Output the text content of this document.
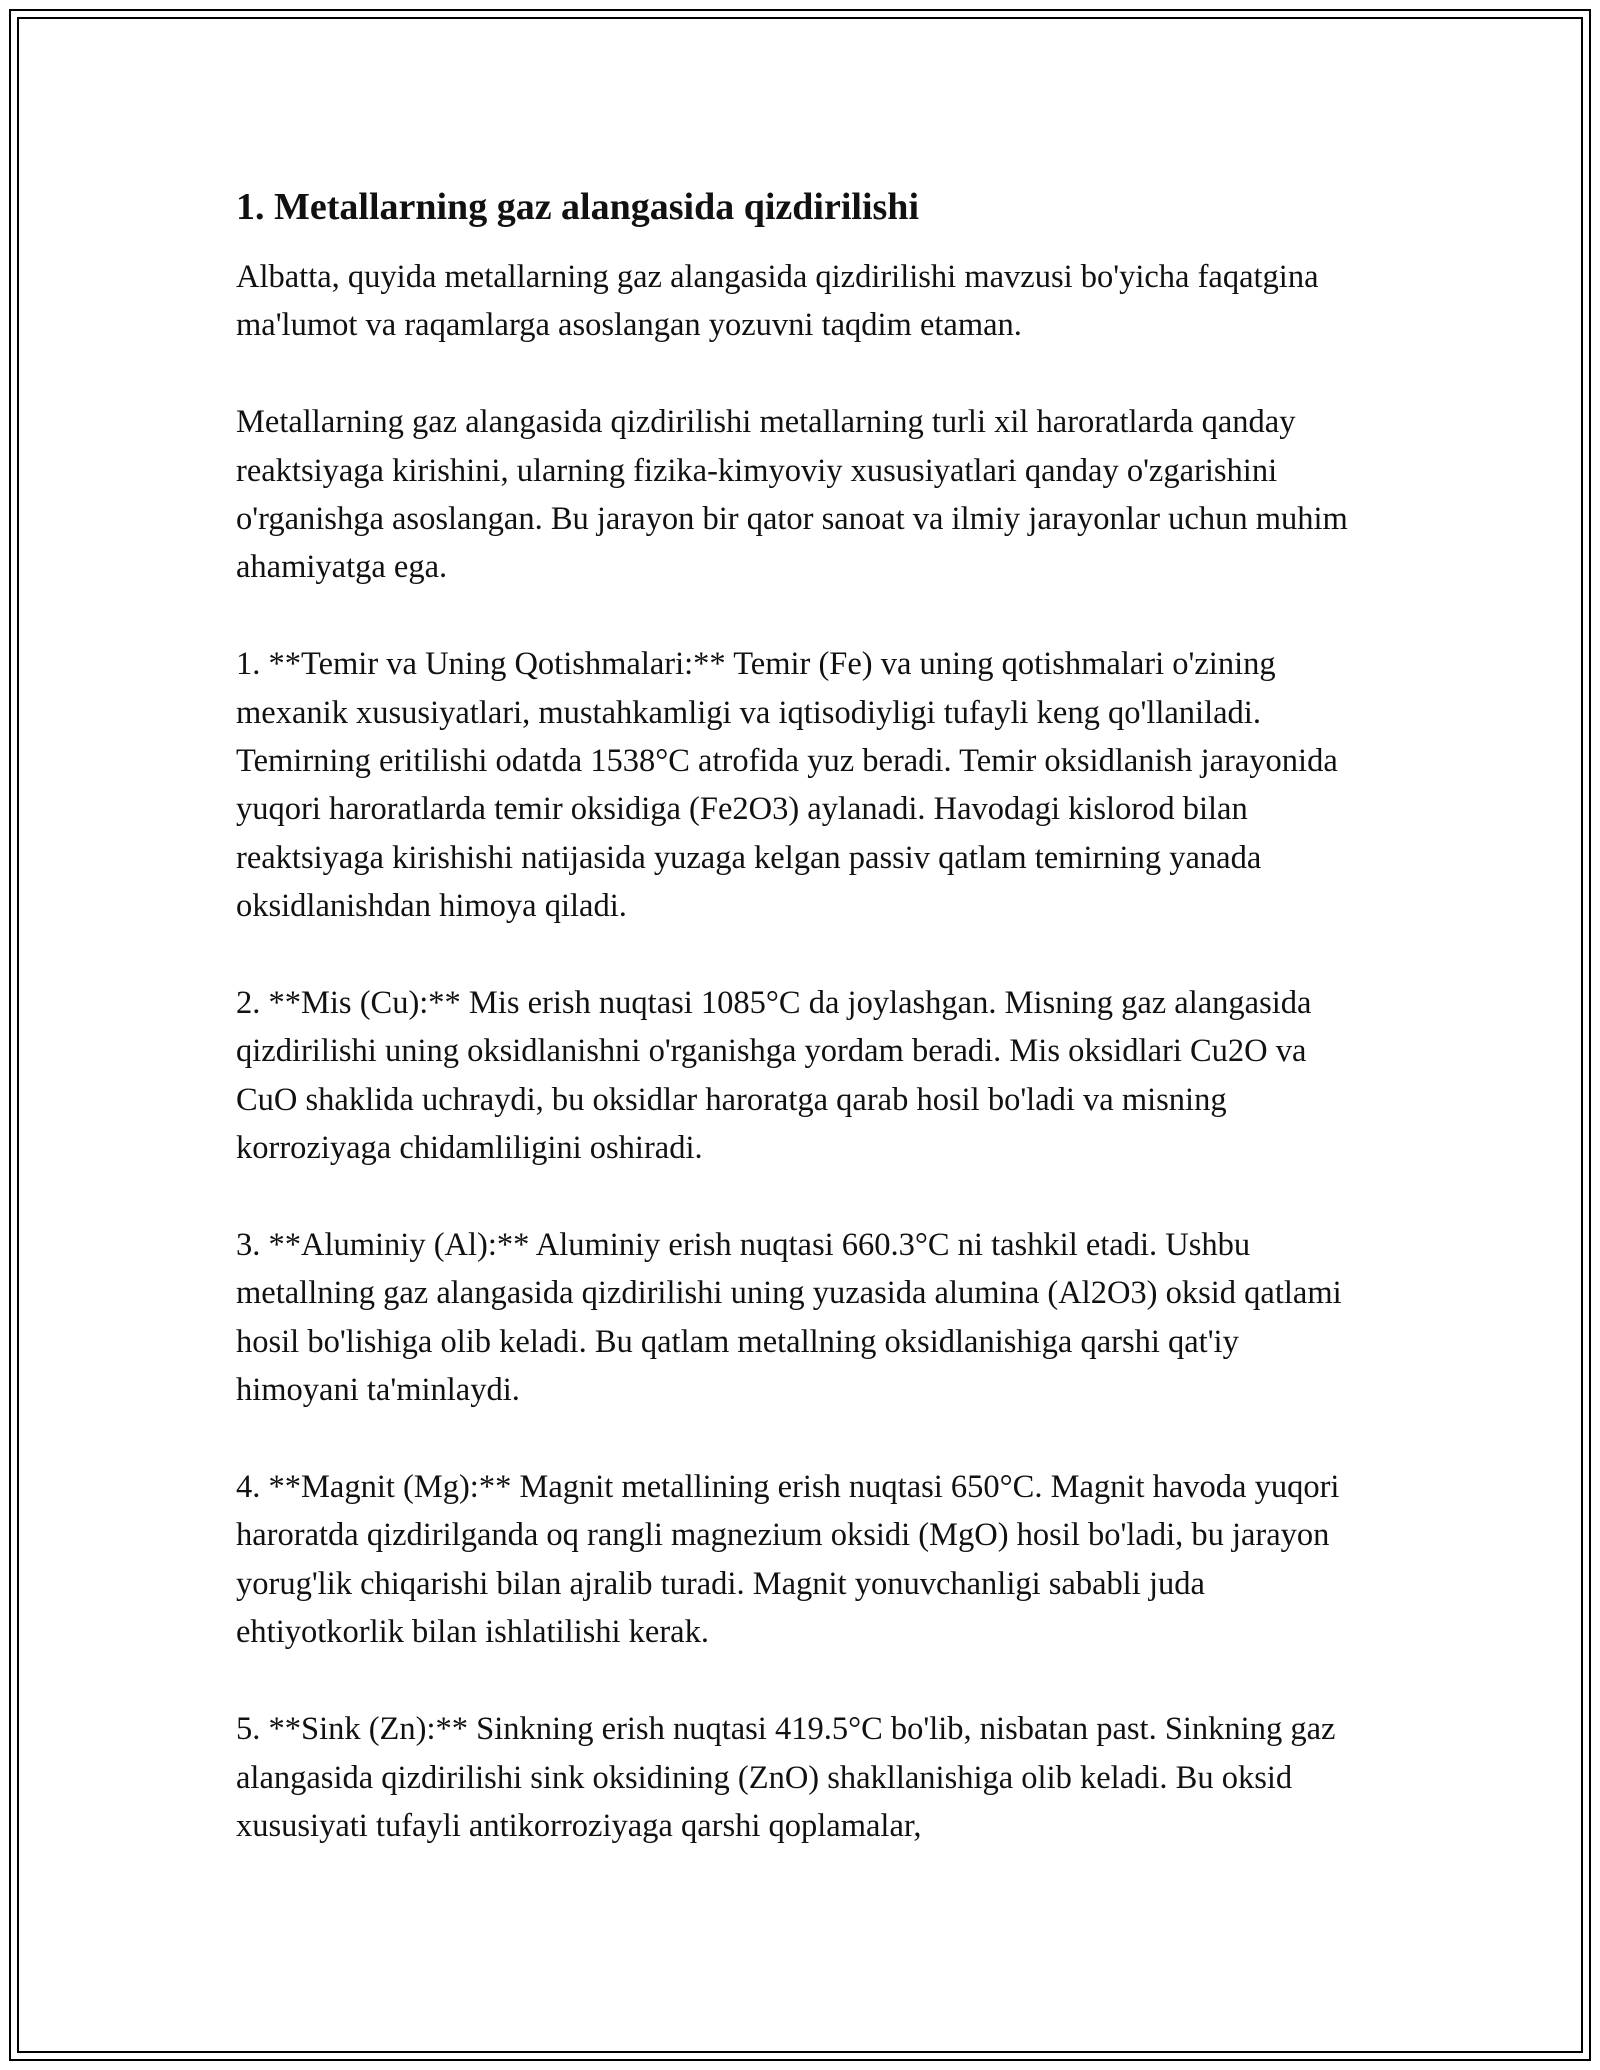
1. Metallarning gaz alangasida qizdirilishi

Albatta, quyida metallarning gaz alangasida qizdirilishi mavzusi bo'yicha faqatgina ma'lumot va raqamlarga asoslangan yozuvni taqdim etaman.

Metallarning gaz alangasida qizdirilishi metallarning turli xil haroratlarda qanday reaktsiyaga kirishini, ularning fizika-kimyoviy xususiyatlari qanday o'zgarishini o'rganishga asoslangan. Bu jarayon bir qator sanoat va ilmiy jarayonlar uchun muhim ahamiyatga ega.

1. **Temir va Uning Qotishmalari:** Temir (Fe) va uning qotishmalari o'zining mexanik xususiyatlari, mustahkamligi va iqtisodiyligi tufayli keng qo'llaniladi. Temirning eritilishi odatda 1538°C atrofida yuz beradi. Temir oksidlanish jarayonida yuqori haroratlarda temir oksidiga (Fe2O3) aylanadi. Havodagi kislorod bilan reaktsiyaga kirishishi natijasida yuzaga kelgan passiv qatlam temirning yanada oksidlanishdan himoya qiladi.

2. **Mis (Cu):** Mis erish nuqtasi 1085°C da joylashgan. Misning gaz alangasida qizdirilishi uning oksidlanishni o'rganishga yordam beradi. Mis oksidlari Cu2O va CuO shaklida uchraydi, bu oksidlar haroratga qarab hosil bo'ladi va misning korroziyaga chidamliligini oshiradi.

3. **Aluminiy (Al):** Aluminiy erish nuqtasi 660.3°C ni tashkil etadi. Ushbu metallning gaz alangasida qizdirilishi uning yuzasida alumina (Al2O3) oksid qatlami hosil bo'lishiga olib keladi. Bu qatlam metallning oksidlanishiga qarshi qat'iy himoyani ta'minlaydi.

4. **Magnit (Mg):** Magnit metallining erish nuqtasi 650°C. Magnit havoda yuqori haroratda qizdirilganda oq rangli magnezium oksidi (MgO) hosil bo'ladi, bu jarayon yorug'lik chiqarishi bilan ajralib turadi. Magnit yonuvchanligi sababli juda ehtiyotkorlik bilan ishlatilishi kerak.

5. **Sink (Zn):** Sinkning erish nuqtasi 419.5°C bo'lib, nisbatan past. Sinkning gaz alangasida qizdirilishi sink oksidining (ZnO) shakllanishiga olib keladi. Bu oksid xususiyati tufayli antikorroziyaga qarshi qoplamalar,
